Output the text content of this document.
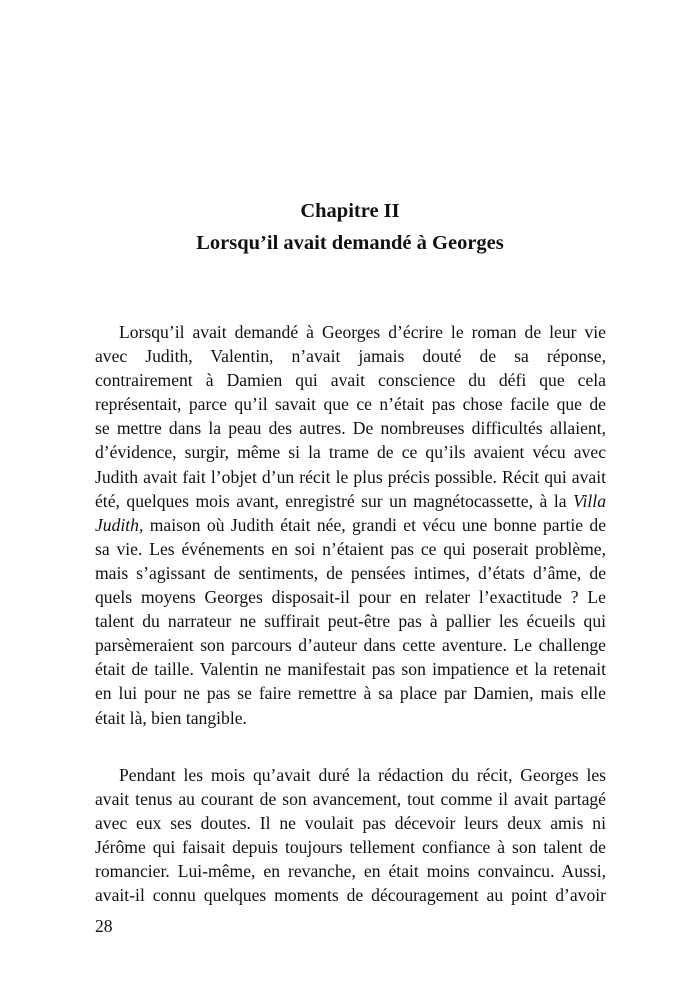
Chapitre II
Lorsqu’il avait demandé à Georges
Lorsqu’il avait demandé à Georges d’écrire le roman de leur vie
avec Judith, Valentin, n’avait jamais douté de sa réponse,
contrairement à Damien qui avait conscience du défi que cela
représentait, parce qu’il savait que ce n’était pas chose facile que de
se mettre dans la peau des autres. De nombreuses difficultés allaient,
d’évidence, surgir, même si la trame de ce qu’ils avaient vécu avec
Judith avait fait l’objet d’un récit le plus précis possible. Récit qui avait
été, quelques mois avant, enregistré sur un magnétocassette, à la Villa
Judith, maison où Judith était née, grandi et vécu une bonne partie de
sa vie. Les événements en soi n’étaient pas ce qui poserait problème,
mais s’agissant de sentiments, de pensées intimes, d’états d’âme, de
quels moyens Georges disposait-il pour en relater l’exactitude ? Le
talent du narrateur ne suffirait peut-être pas à pallier les écueils qui
parsèmeraient son parcours d’auteur dans cette aventure. Le challenge
était de taille. Valentin ne manifestait pas son impatience et la retenait
en lui pour ne pas se faire remettre à sa place par Damien, mais elle
était là, bien tangible.
Pendant les mois qu’avait duré la rédaction du récit, Georges les
avait tenus au courant de son avancement, tout comme il avait partagé
avec eux ses doutes. Il ne voulait pas décevoir leurs deux amis ni
Jérôme qui faisait depuis toujours tellement confiance à son talent de
romancier. Lui-même, en revanche, en était moins convaincu. Aussi,
avait-il connu quelques moments de découragement au point d’avoir
28
